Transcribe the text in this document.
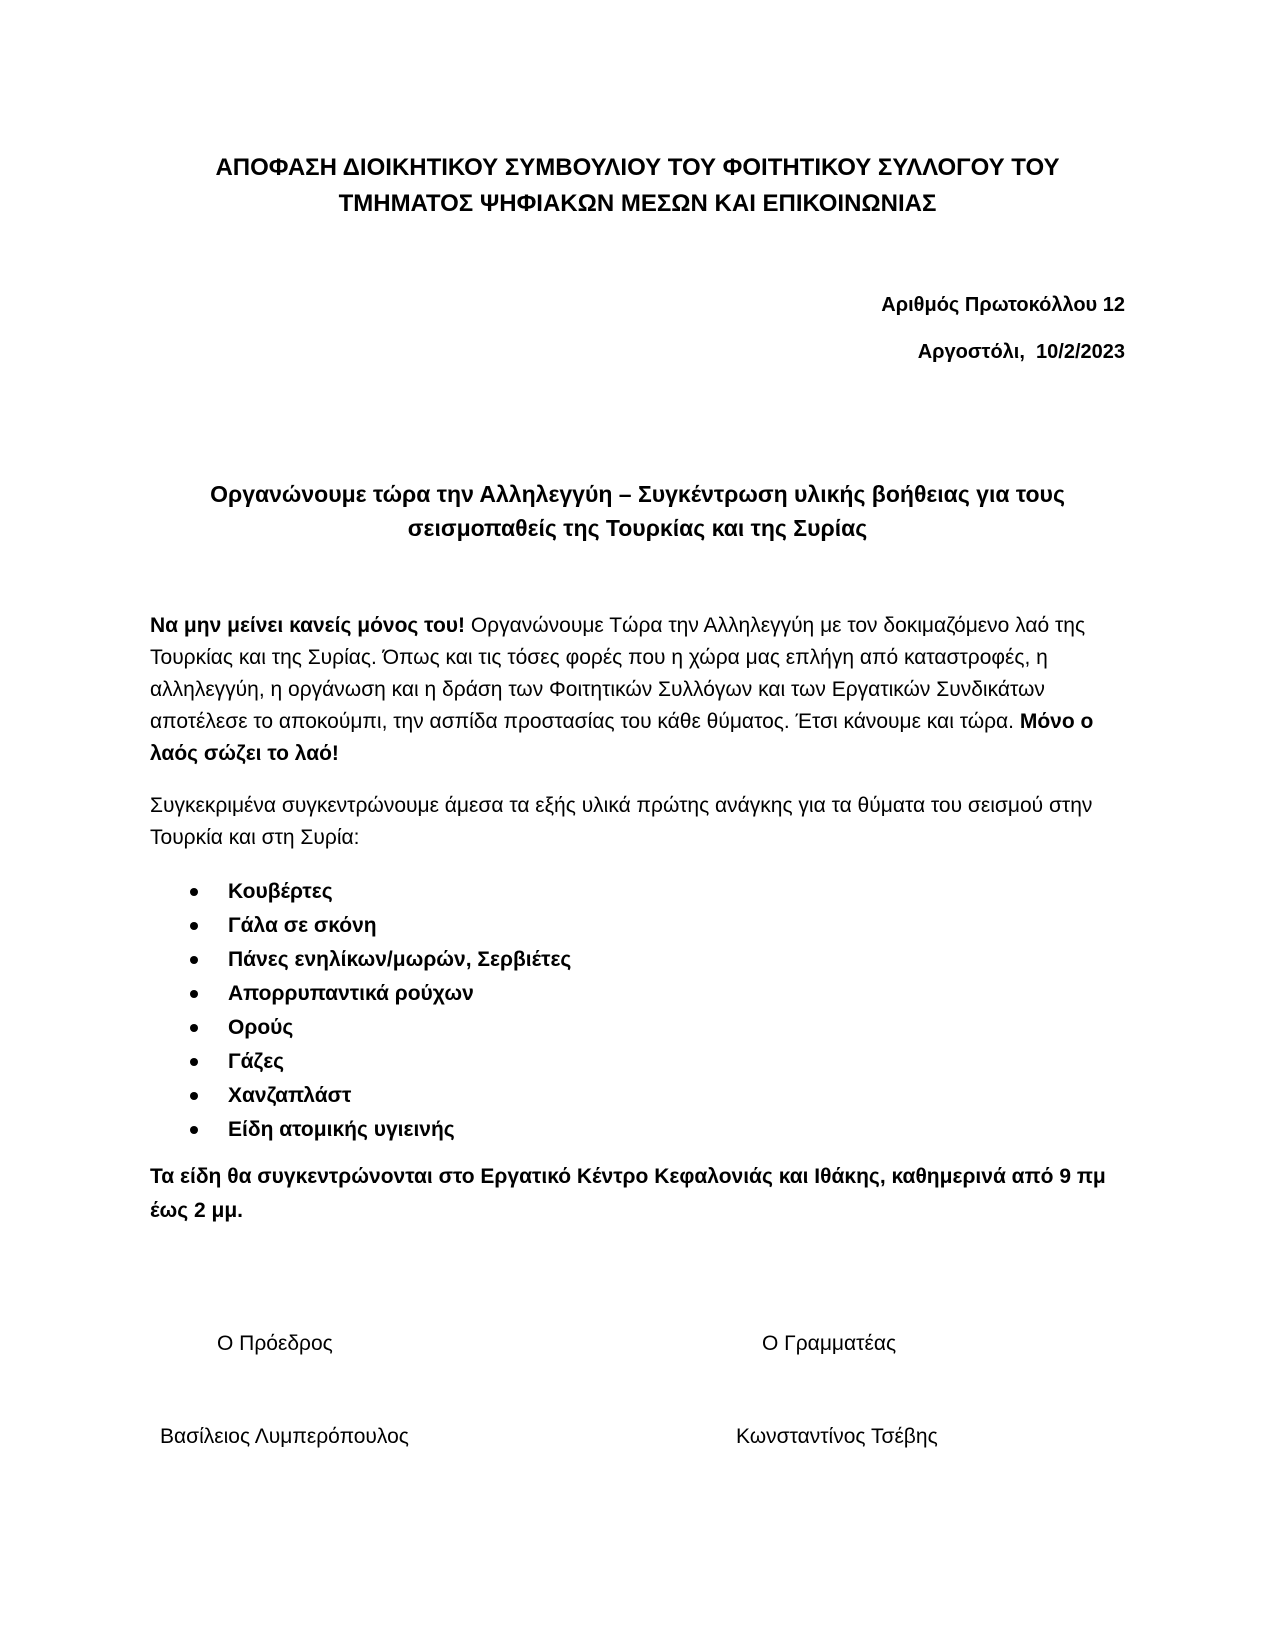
ΑΠΟΦΑΣΗ ΔΙΟΙΚΗΤΙΚΟΥ ΣΥΜΒΟΥΛΙΟΥ ΤΟΥ ΦΟΙΤΗΤΙΚΟΥ ΣΥΛΛΟΓΟΥ ΤΟΥ
ΤΜΗΜΑΤΟΣ ΨΗΦΙΑΚΩΝ ΜΕΣΩΝ ΚΑΙ ΕΠΙΚΟΙΝΩΝΙΑΣ
Αριθμός Πρωτοκόλλου 12
Αργοστόλι,  10/2/2023
Οργανώνουμε τώρα την Αλληλεγγύη – Συγκέντρωση υλικής βοήθειας για τους
σεισμοπαθείς της Τουρκίας και της Συρίας

Να μην μείνει κανείς μόνος του! Οργανώνουμε Τώρα την Αλληλεγγύη με τον δοκιμαζόμενο λαό της Τουρκίας και της Συρίας. Όπως και τις τόσες φορές που η χώρα μας επλήγη από καταστροφές, η αλληλεγγύη, η οργάνωση και η δράση των Φοιτητικών Συλλόγων και των Εργατικών Συνδικάτων αποτέλεσε το αποκούμπι, την ασπίδα προστασίας του κάθε θύματος. Έτσι κάνουμε και τώρα. Μόνο ο λαός σώζει το λαό!

Συγκεκριμένα συγκεντρώνουμε άμεσα τα εξής υλικά πρώτης ανάγκης για τα θύματα του σεισμού στην Τουρκία και στη Συρία:

Κουβέρτες
Γάλα σε σκόνη
Πάνες ενηλίκων/μωρών, Σερβιέτες
Απορρυπαντικά ρούχων
Ορούς
Γάζες
Χανζαπλάστ
Είδη ατομικής υγιεινής

Τα είδη θα συγκεντρώνονται στο Εργατικό Κέντρο Κεφαλονιάς και Ιθάκης, καθημερινά από 9 πμ έως 2 μμ.

Ο Πρόεδρος	Ο Γραμματέας
Βασίλειος Λυμπερόπουλος	Κωνσταντίνος Τσέβης
